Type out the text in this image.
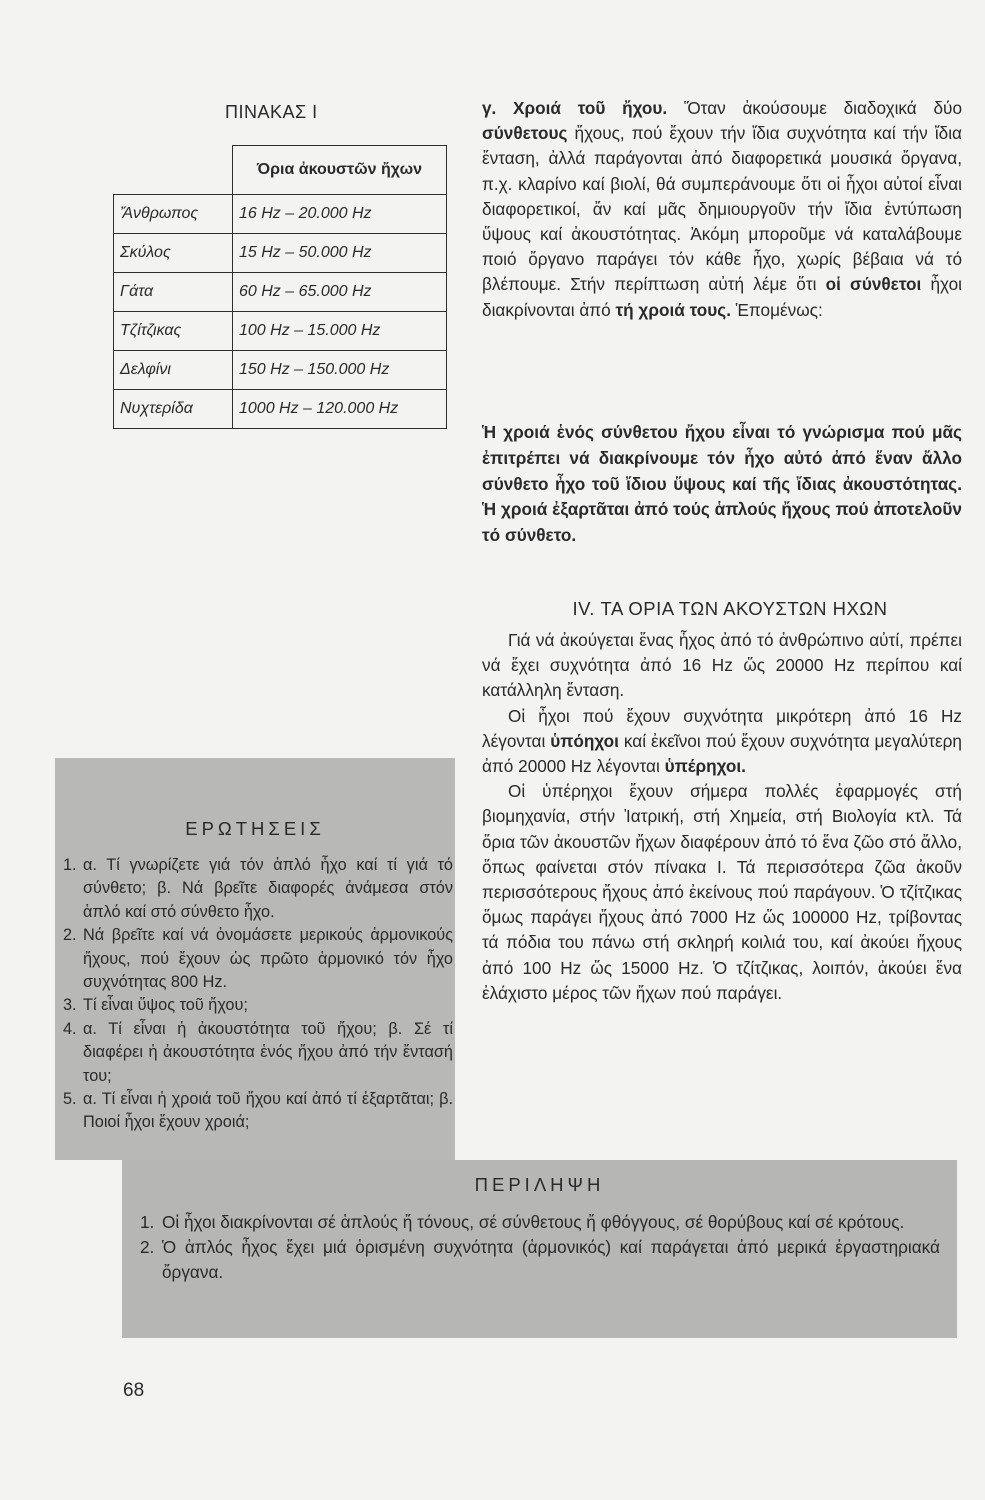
ΠΙΝΑΚΑΣ Ι
	Όρια ἀκουστῶν ἤχων
Ἄνθρωπος	16 Hz – 20.000 Hz
Σκύλος	15 Hz – 50.000 Hz
Γάτα	60 Hz – 65.000 Hz
Τζίτζικας	100 Hz – 15.000 Hz
Δελφίνι	150 Hz – 150.000 Hz
Νυχτερίδα	1000 Hz – 120.000 Hz

γ. Χροιά τοῦ ἤχου. Ὅταν ἀκούσουμε διαδοχικά δύο σύνθετους ἤχους, πού ἔχουν τήν ἴδια συχνότητα καί τήν ἴδια ἔνταση, ἀλλά παράγονται ἀπό διαφορετικά μουσικά ὄργανα, π.χ. κλαρίνο καί βιολί, θά συμπεράνουμε ὅτι οἱ ἦχοι αὐτοί εἶναι διαφορετικοί, ἄν καί μᾶς δημιουργοῦν τήν ἴδια ἐντύπωση ὕψους καί ἀκουστότητας. Ἀκόμη μποροῦμε νά καταλάβουμε ποιό ὄργανο παράγει τόν κάθε ἦχο, χωρίς βέβαια νά τό βλέπουμε. Στήν περίπτωση αὐτή λέμε ὅτι οἱ σύνθετοι ἦχοι διακρίνονται ἀπό τή χροιά τους. Ἑπομένως:

Ἡ χροιά ἑνός σύνθετου ἤχου εἶναι τό γνώρισμα πού μᾶς ἐπιτρέπει νά διακρίνουμε τόν ἦχο αὐτό ἀπό ἕναν ἄλλο σύνθετο ἦχο τοῦ ἴδιου ὕψους καί τῆς ἴδιας ἀκουστότητας. Ἡ χροιά ἐξαρτᾶται ἀπό τούς ἁπλούς ἤχους πού ἀποτελοῦν τό σύνθετο.
IV. ΤΑ ΟΡΙΑ ΤΩΝ ΑΚΟΥΣΤΩΝ ΗΧΩΝ

Γιά νά ἀκούγεται ἕνας ἦχος ἀπό τό ἀνθρώπινο αὐτί, πρέπει νά ἔχει συχνότητα ἀπό 16 Hz ὥς 20000 Hz περίπου καί κατάλληλη ἔνταση.

Οἱ ἦχοι πού ἔχουν συχνότητα μικρότερη ἀπό 16 Hz λέγονται ὑπόηχοι καί ἐκεῖνοι πού ἔχουν συχνότητα μεγαλύτερη ἀπό 20000 Hz λέγονται ὑπέρηχοι.

Οἱ ὑπέρηχοι ἔχουν σήμερα πολλές ἐφαρμογές στή βιομηχανία, στήν Ἰατρική, στή Χημεία, στή Βιολογία κτλ. Τά ὅρια τῶν ἀκουστῶν ἤχων διαφέρουν ἀπό τό ἕνα ζῶο στό ἄλλο, ὅπως φαίνεται στόν πίνακα Ι. Τά περισσότερα ζῶα ἀκοῦν περισσότερους ἤχους ἀπό ἐκείνους πού παράγουν. Ὁ τζίτζικας ὅμως παράγει ἤχους ἀπό 7000 Hz ὥς 100000 Hz, τρίβοντας τά πόδια του πάνω στή σκληρή κοιλιά του, καί ἀκούει ἤχους ἀπό 100 Hz ὥς 15000 Hz. Ὁ τζίτζικας, λοιπόν, ἀκούει ἕνα ἐλάχιστο μέρος τῶν ἤχων πού παράγει.

ΕΡΩΤΗΣΕΙΣ
1. α. Τί γνωρίζετε γιά τόν ἁπλό ἦχο καί τί γιά τό σύνθετο; β. Νά βρεῖτε διαφορές ἀνάμεσα στόν ἁπλό καί στό σύνθετο ἦχο.
2. Νά βρεῖτε καί νά ὀνομάσετε μερικούς ἁρμονικούς ἤχους, πού ἔχουν ὡς πρῶτο ἁρμονικό τόν ἦχο συχνότητας 800 Hz.
3. Τί εἶναι ὕψος τοῦ ἤχου;
4. α. Τί εἶναι ἡ ἀκουστότητα τοῦ ἤχου; β. Σέ τί διαφέρει ἡ ἀκουστότητα ἑνός ἤχου ἀπό τήν ἔντασή του;
5. α. Τί εἶναι ἡ χροιά τοῦ ἤχου καί ἀπό τί ἐξαρτᾶται; β. Ποιοί ἦχοι ἔχουν χροιά;
ΠΕΡΙΛΗΨΗ
1. Οἱ ἦχοι διακρίνονται σέ ἁπλούς ἤ τόνους, σέ σύνθετους ἤ φθόγγους, σέ θορύβους καί σέ κρότους.
2. Ὁ ἁπλός ἦχος ἔχει μιά ὁρισμένη συχνότητα (ἁρμονικός) καί παράγεται ἀπό μερικά ἐργαστηριακά ὄργανα.
68
